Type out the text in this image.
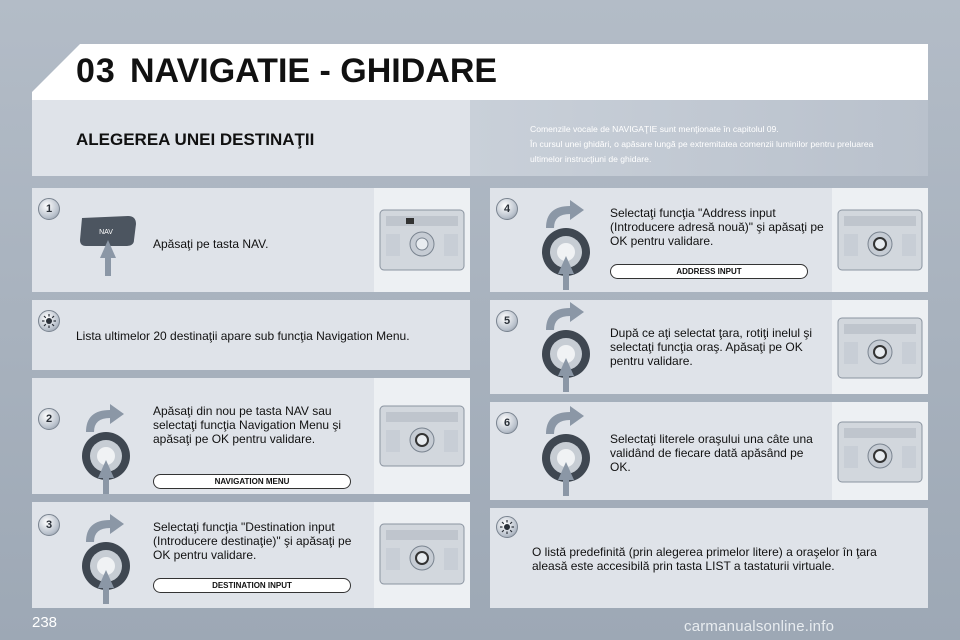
03 NAVIGATIE - GHIDARE
ALEGEREA UNEI DESTINAŢII
Comenzile vocale de NAVIGAŢIE sunt menţionate în capitolul 09.
În cursul unei ghidări, o apăsare lungă pe extremitatea comenzii luminilor pentru preluarea
ultimelor instrucţiuni de ghidare.
1
NAV
Apăsaţi pe tasta NAV.
Lista ultimelor 20 destinaţii apare sub funcţia Navigation Menu.
2
Apăsaţi din nou pe tasta NAV sau selectaţi funcţia Navigation Menu şi apăsaţi pe OK pentru validare.
NAVIGATION MENU
3	Selectaţi funcţia "Destination input (Introducere destinaţie)" şi apăsaţi pe OK pentru validare.
DESTINATION INPUT
4	Selectaţi funcţia "Address input (Introducere adresă nouă)" şi apăsaţi pe OK pentru validare.
ADDRESS INPUT
5
După ce aţi selectat ţara, rotiţi inelul şi selectaţi funcţia oraş. Apăsaţi pe OK pentru validare.
6
Selectaţi literele oraşului una câte una validând de fiecare dată apăsând pe OK.
O listă predefinită (prin alegerea primelor litere) a oraşelor în ţara aleasă este accesibilă prin tasta LIST a tastaturii virtuale.
238	carmanualsonline.info
